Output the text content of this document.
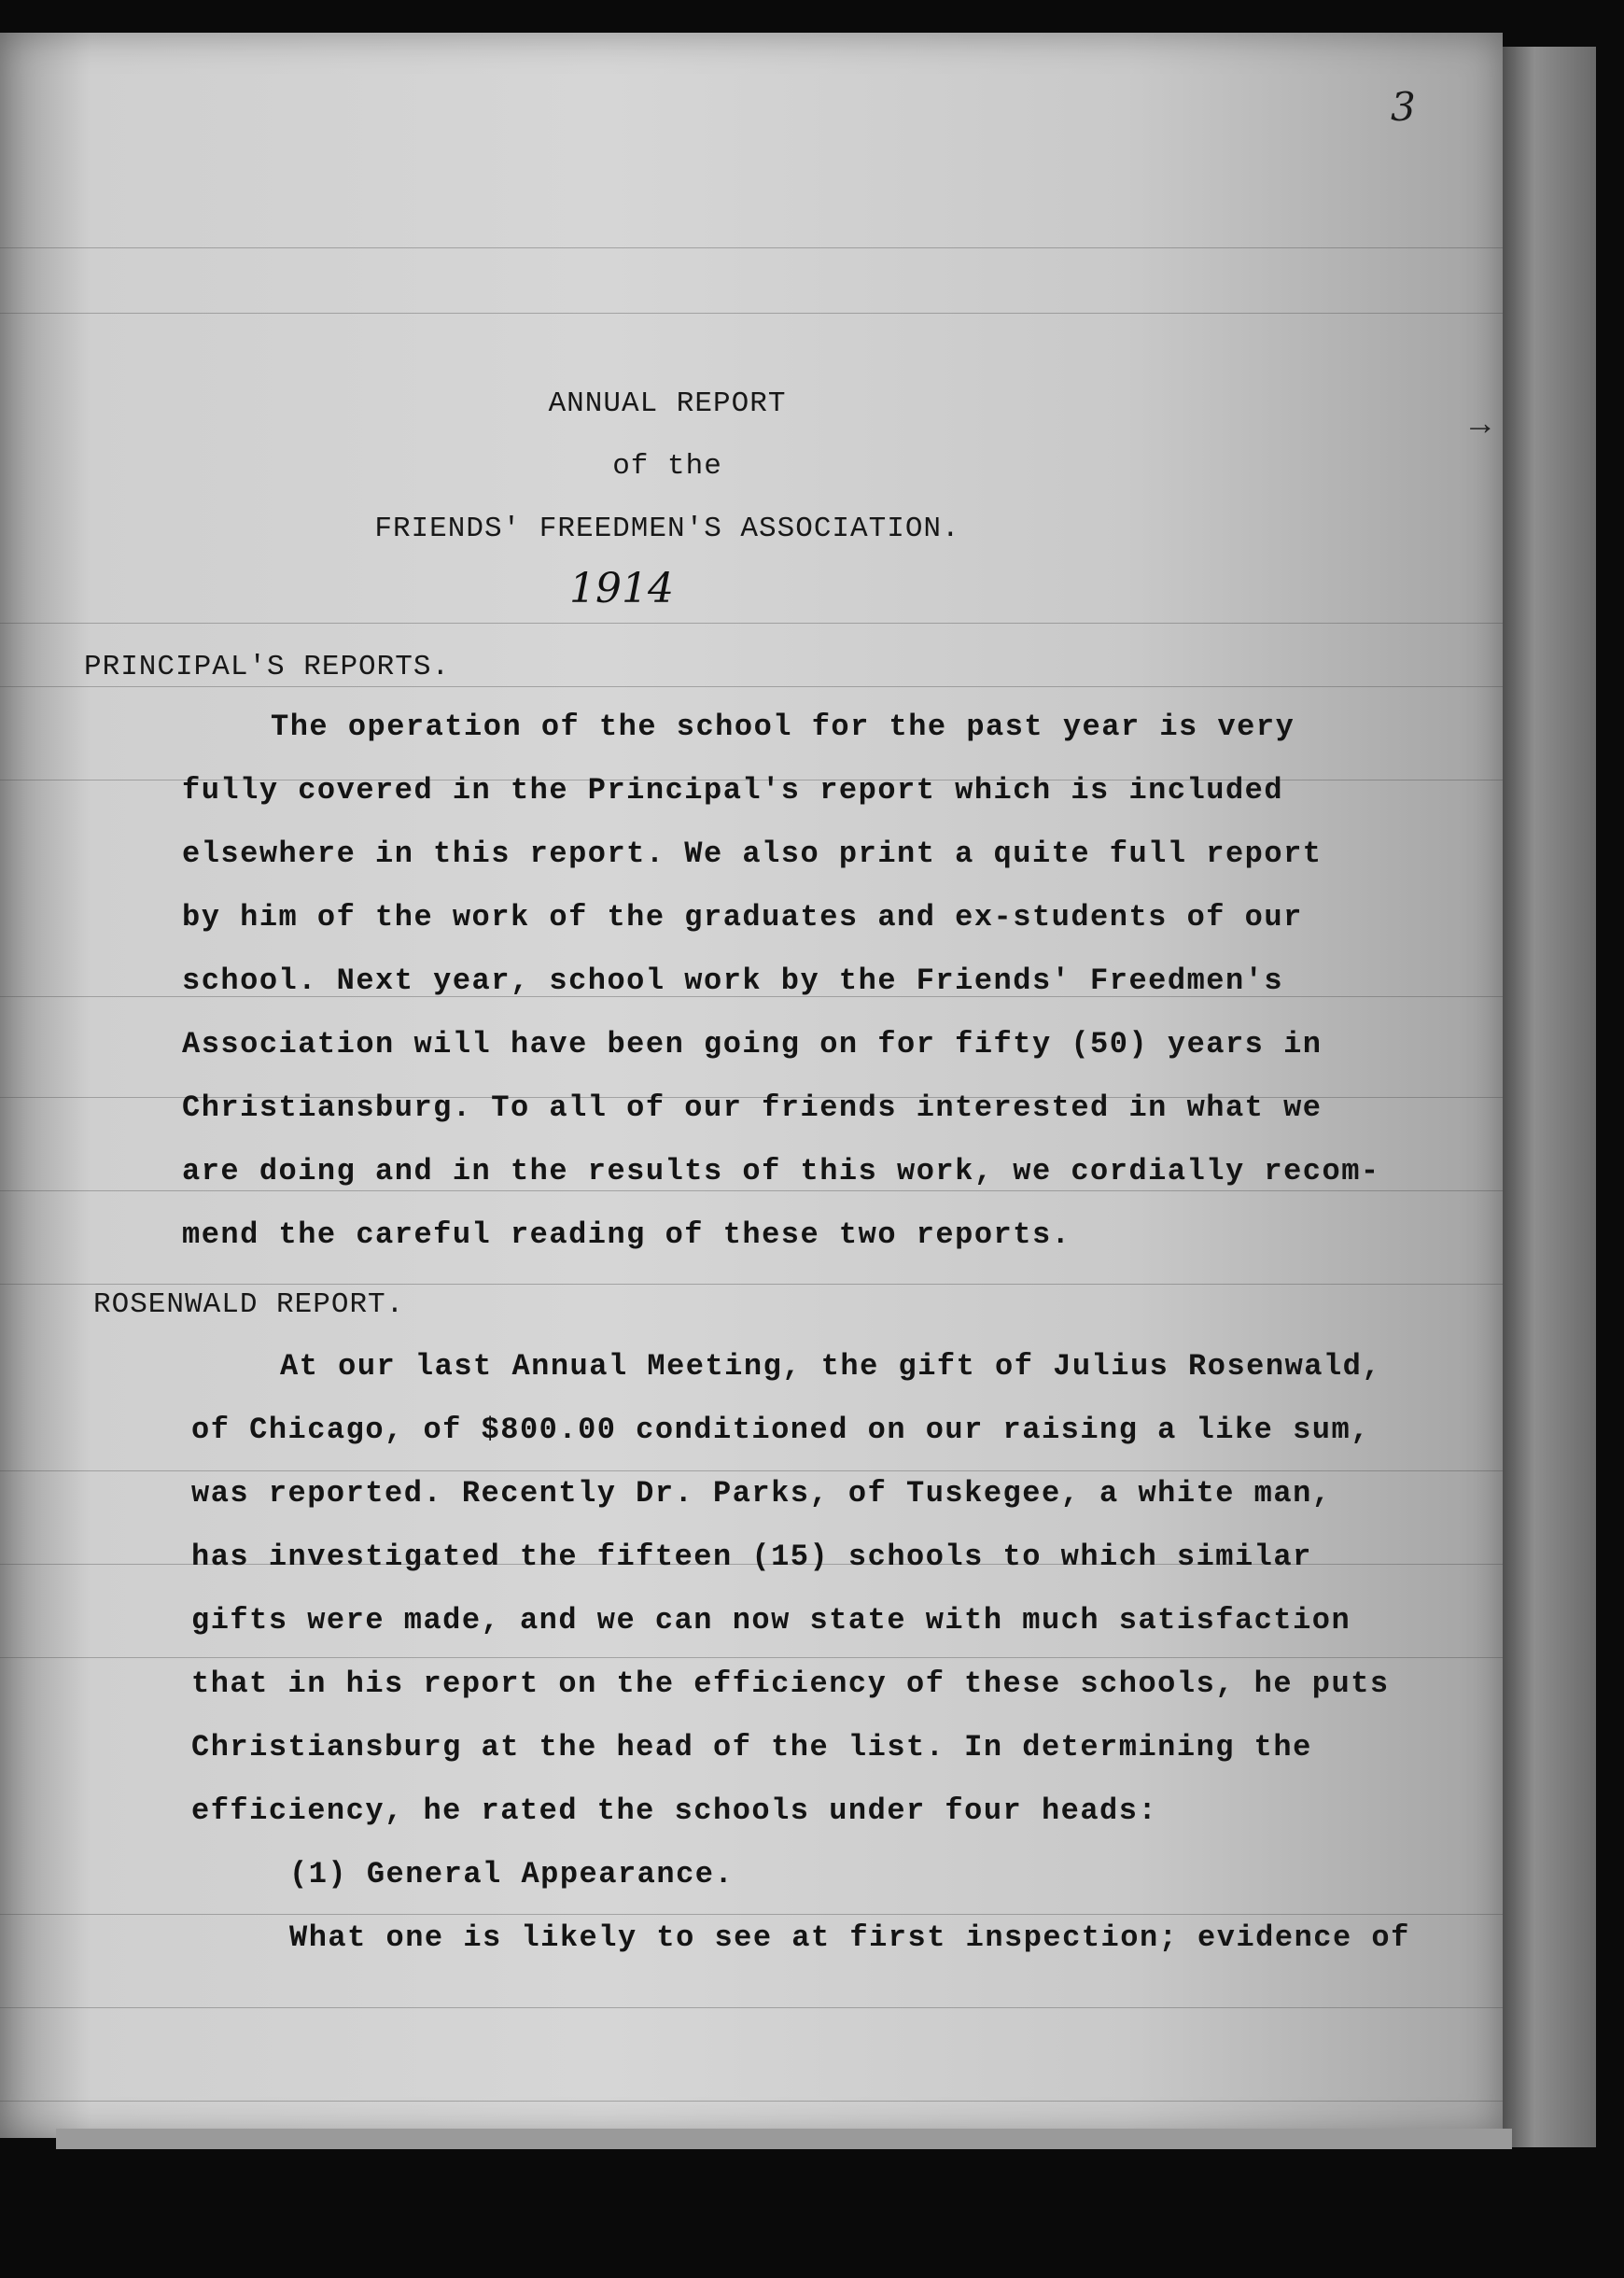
3
→
ANNUAL REPORT
of the
FRIENDS' FREEDMEN'S ASSOCIATION.
1914
PRINCIPAL'S REPORTS.
The operation of the school for the past year is very
fully covered in the Principal's report which is included
elsewhere in this report. We also print a quite full report
by him of the work of the graduates and ex-students of our
school. Next year, school work by the Friends' Freedmen's
Association will have been going on for fifty (50) years in
Christiansburg. To all of our friends interested in what we
are doing and in the results of this work, we cordially recom-
mend the careful reading of these two reports.
ROSENWALD REPORT.
At our last Annual Meeting, the gift of Julius Rosenwald,
of Chicago, of $800.00 conditioned on our raising a like sum,
was reported. Recently Dr. Parks, of Tuskegee, a white man,
has investigated the fifteen (15) schools to which similar
gifts were made, and we can now state with much satisfaction
that in his report on the efficiency of these schools, he puts
Christiansburg at the head of the list. In determining the
efficiency, he rated the schools under four heads:
(1) General Appearance.
What one is likely to see at first inspection; evidence of
